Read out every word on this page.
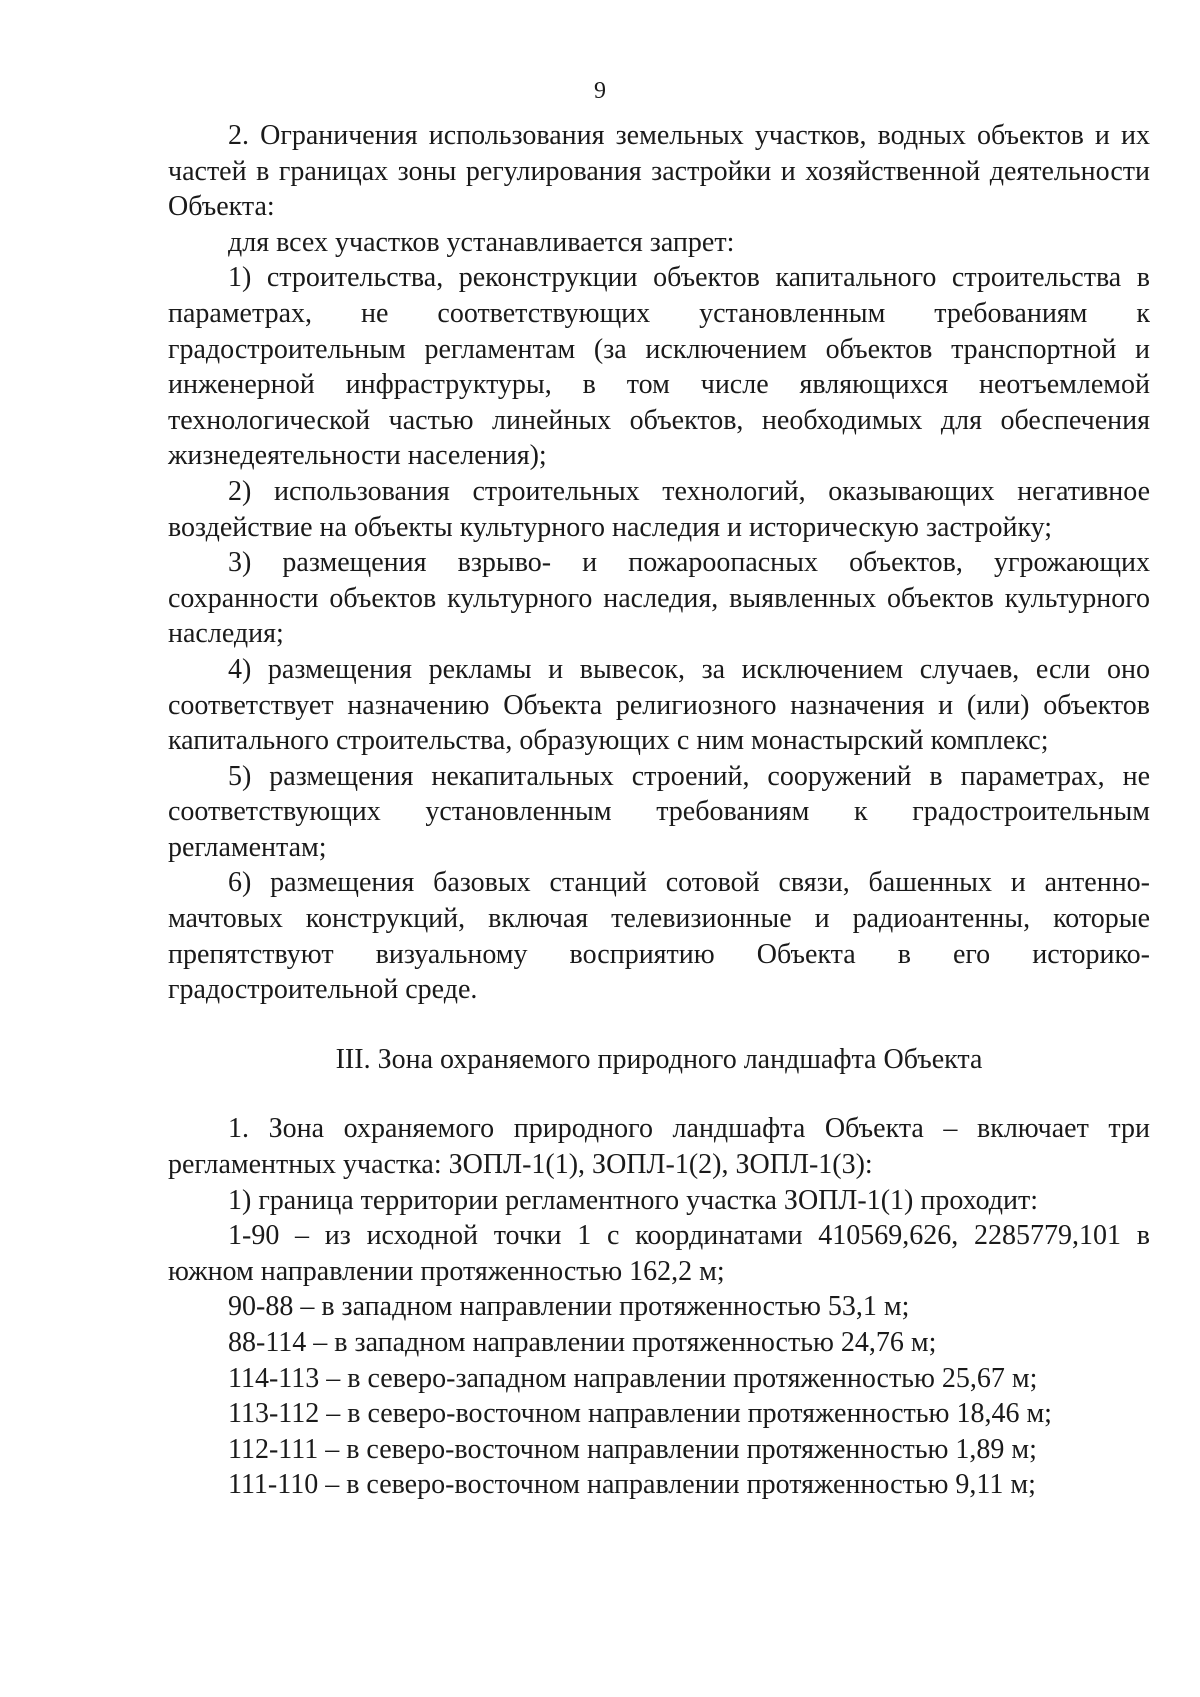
9

2. Ограничения использования земельных участков, водных объектов и их частей в границах зоны регулирования застройки и хозяйственной деятельности Объекта:

для всех участков устанавливается запрет:

1) строительства, реконструкции объектов капитального строительства в параметрах, не соответствующих установленным требованиям к градостроительным регламентам (за исключением объектов транспортной и инженерной инфраструктуры, в том числе являющихся неотъемлемой технологической частью линейных объектов, необходимых для обеспечения жизнедеятельности населения);

2) использования строительных технологий, оказывающих негативное воздействие на объекты культурного наследия и историческую застройку;

3) размещения взрыво- и пожароопасных объектов, угрожающих сохранности объектов культурного наследия, выявленных объектов культурного наследия;

4) размещения рекламы и вывесок, за исключением случаев, если оно соответствует назначению Объекта религиозного назначения и (или) объектов капитального строительства, образующих с ним монастырский комплекс;

5) размещения некапитальных строений, сооружений в параметрах, не соответствующих установленным требованиям к градостроительным регламентам;

6) размещения базовых станций сотовой связи, башенных и антенно-мачтовых конструкций, включая телевизионные и радиоантенны, которые препятствуют визуальному восприятию Объекта в его историко-градостроительной среде.

III. Зона охраняемого природного ландшафта Объекта

1. Зона охраняемого природного ландшафта Объекта – включает три регламентных участка: ЗОПЛ-1(1), ЗОПЛ-1(2), ЗОПЛ-1(3):

1) граница территории регламентного участка ЗОПЛ-1(1) проходит:

1-90 – из исходной точки 1 с координатами 410569,626, 2285779,101 в южном направлении протяженностью 162,2 м;

90-88 – в западном направлении протяженностью 53,1 м;

88-114 – в западном направлении протяженностью 24,76 м;

114-113 – в северо-западном направлении протяженностью 25,67 м;

113-112 – в северо-восточном направлении протяженностью 18,46 м;

112-111 – в северо-восточном направлении протяженностью 1,89 м;

111-110 – в северо-восточном направлении протяженностью 9,11 м;
